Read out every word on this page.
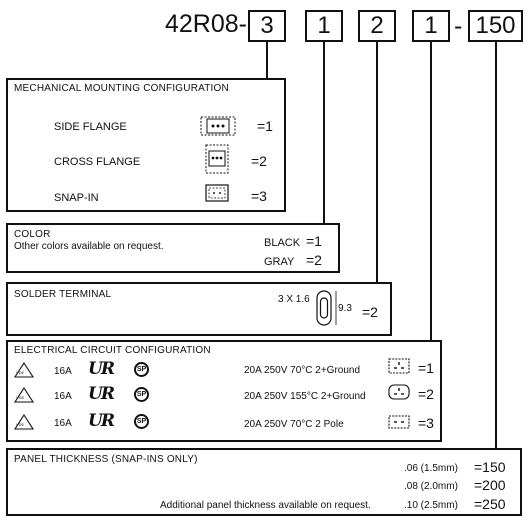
42R08- 3	1	2	1 - 150
MECHANICAL MOUNTING CONFIGURATION
SIDE FLANGE	=1
CROSS FLANGE	=2
SNAP-IN	=3
COLOR
Other colors available on request.	BLACK =1
GRAY =2
SOLDER TERMINAL	3 X 1.6
9.3 =2
ELECTRICAL CIRCUIT CONFIGURATION
VDE	16A UR	SP	20A 250V 70°C 2+Ground	=1
VDE	16A UR	SP	20A 250V 155°C 2+Ground	=2
VDE	16A UR	SP	20A 250V 70°C 2 Pole	=3
PANEL THICKNESS (SNAP-INS ONLY)
.06 (1.5mm) =150
.08 (2.0mm) =200
Additional panel thickness available on request.	.10 (2.5mm) =250
